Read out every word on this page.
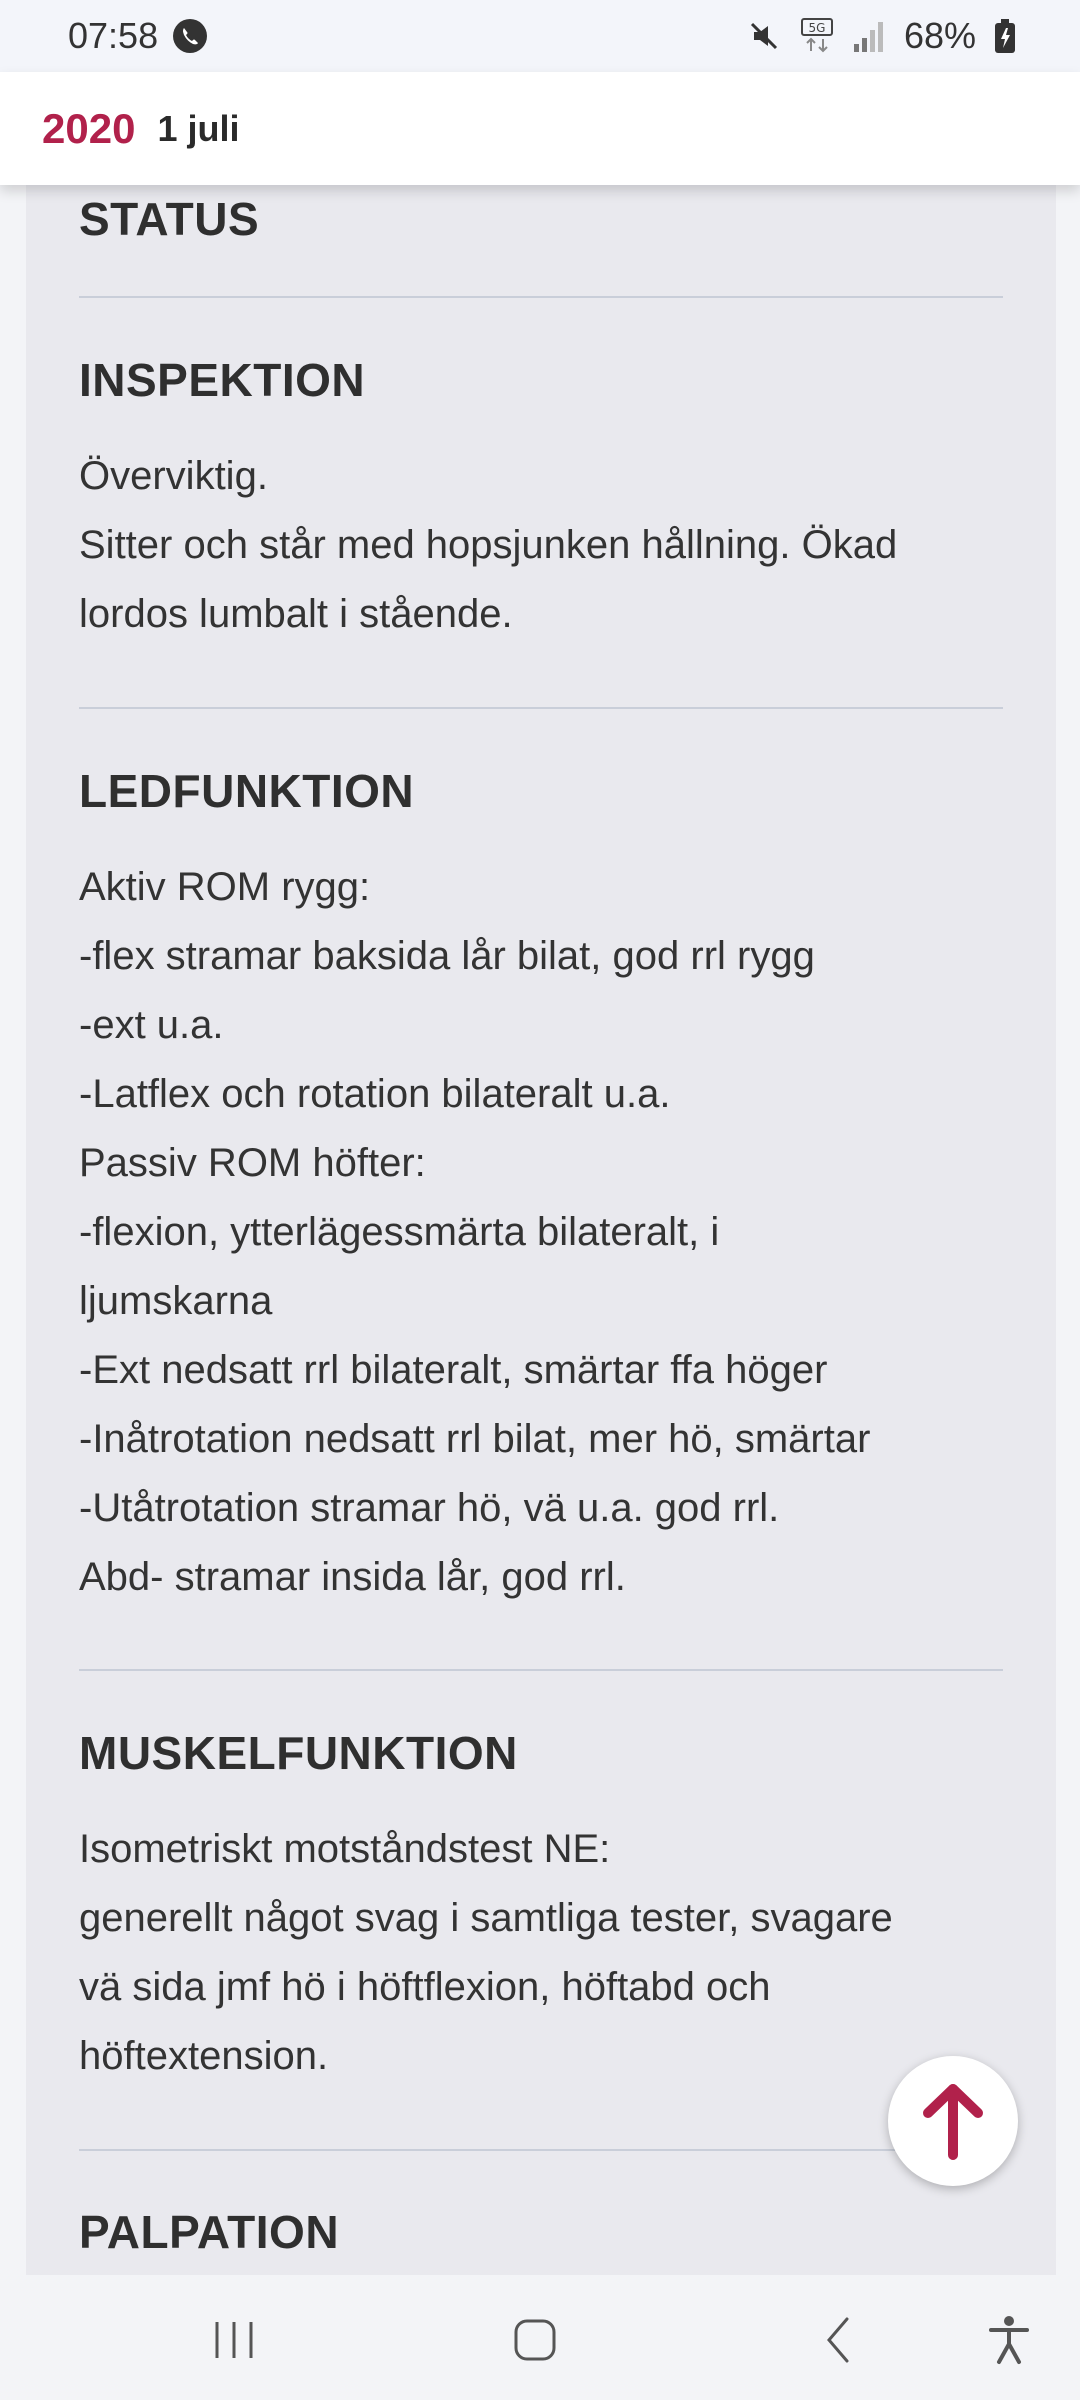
07:58	5G 68%
2020 1 juli
STATUS
INSPEKTION
Överviktig.
Sitter och står med hopsjunken hållning. Ökad
lordos lumbalt i stående.
LEDFUNKTION
Aktiv ROM rygg:
-flex stramar baksida lår bilat, god rrl rygg
-ext u.a.
-Latflex och rotation bilateralt u.a.
Passiv ROM höfter:
-flexion, ytterlägessmärta bilateralt, i
ljumskarna
-Ext nedsatt rrl bilateralt, smärtar ffa höger
-Inåtrotation nedsatt rrl bilat, mer hö, smärtar
-Utåtrotation stramar hö, vä u.a. god rrl.
Abd- stramar insida lår, god rrl.
MUSKELFUNKTION
Isometriskt motståndstest NE:
generellt något svag i samtliga tester, svagare
vä sida jmf hö i höftflexion, höftabd och
höftextension.
PALPATION
